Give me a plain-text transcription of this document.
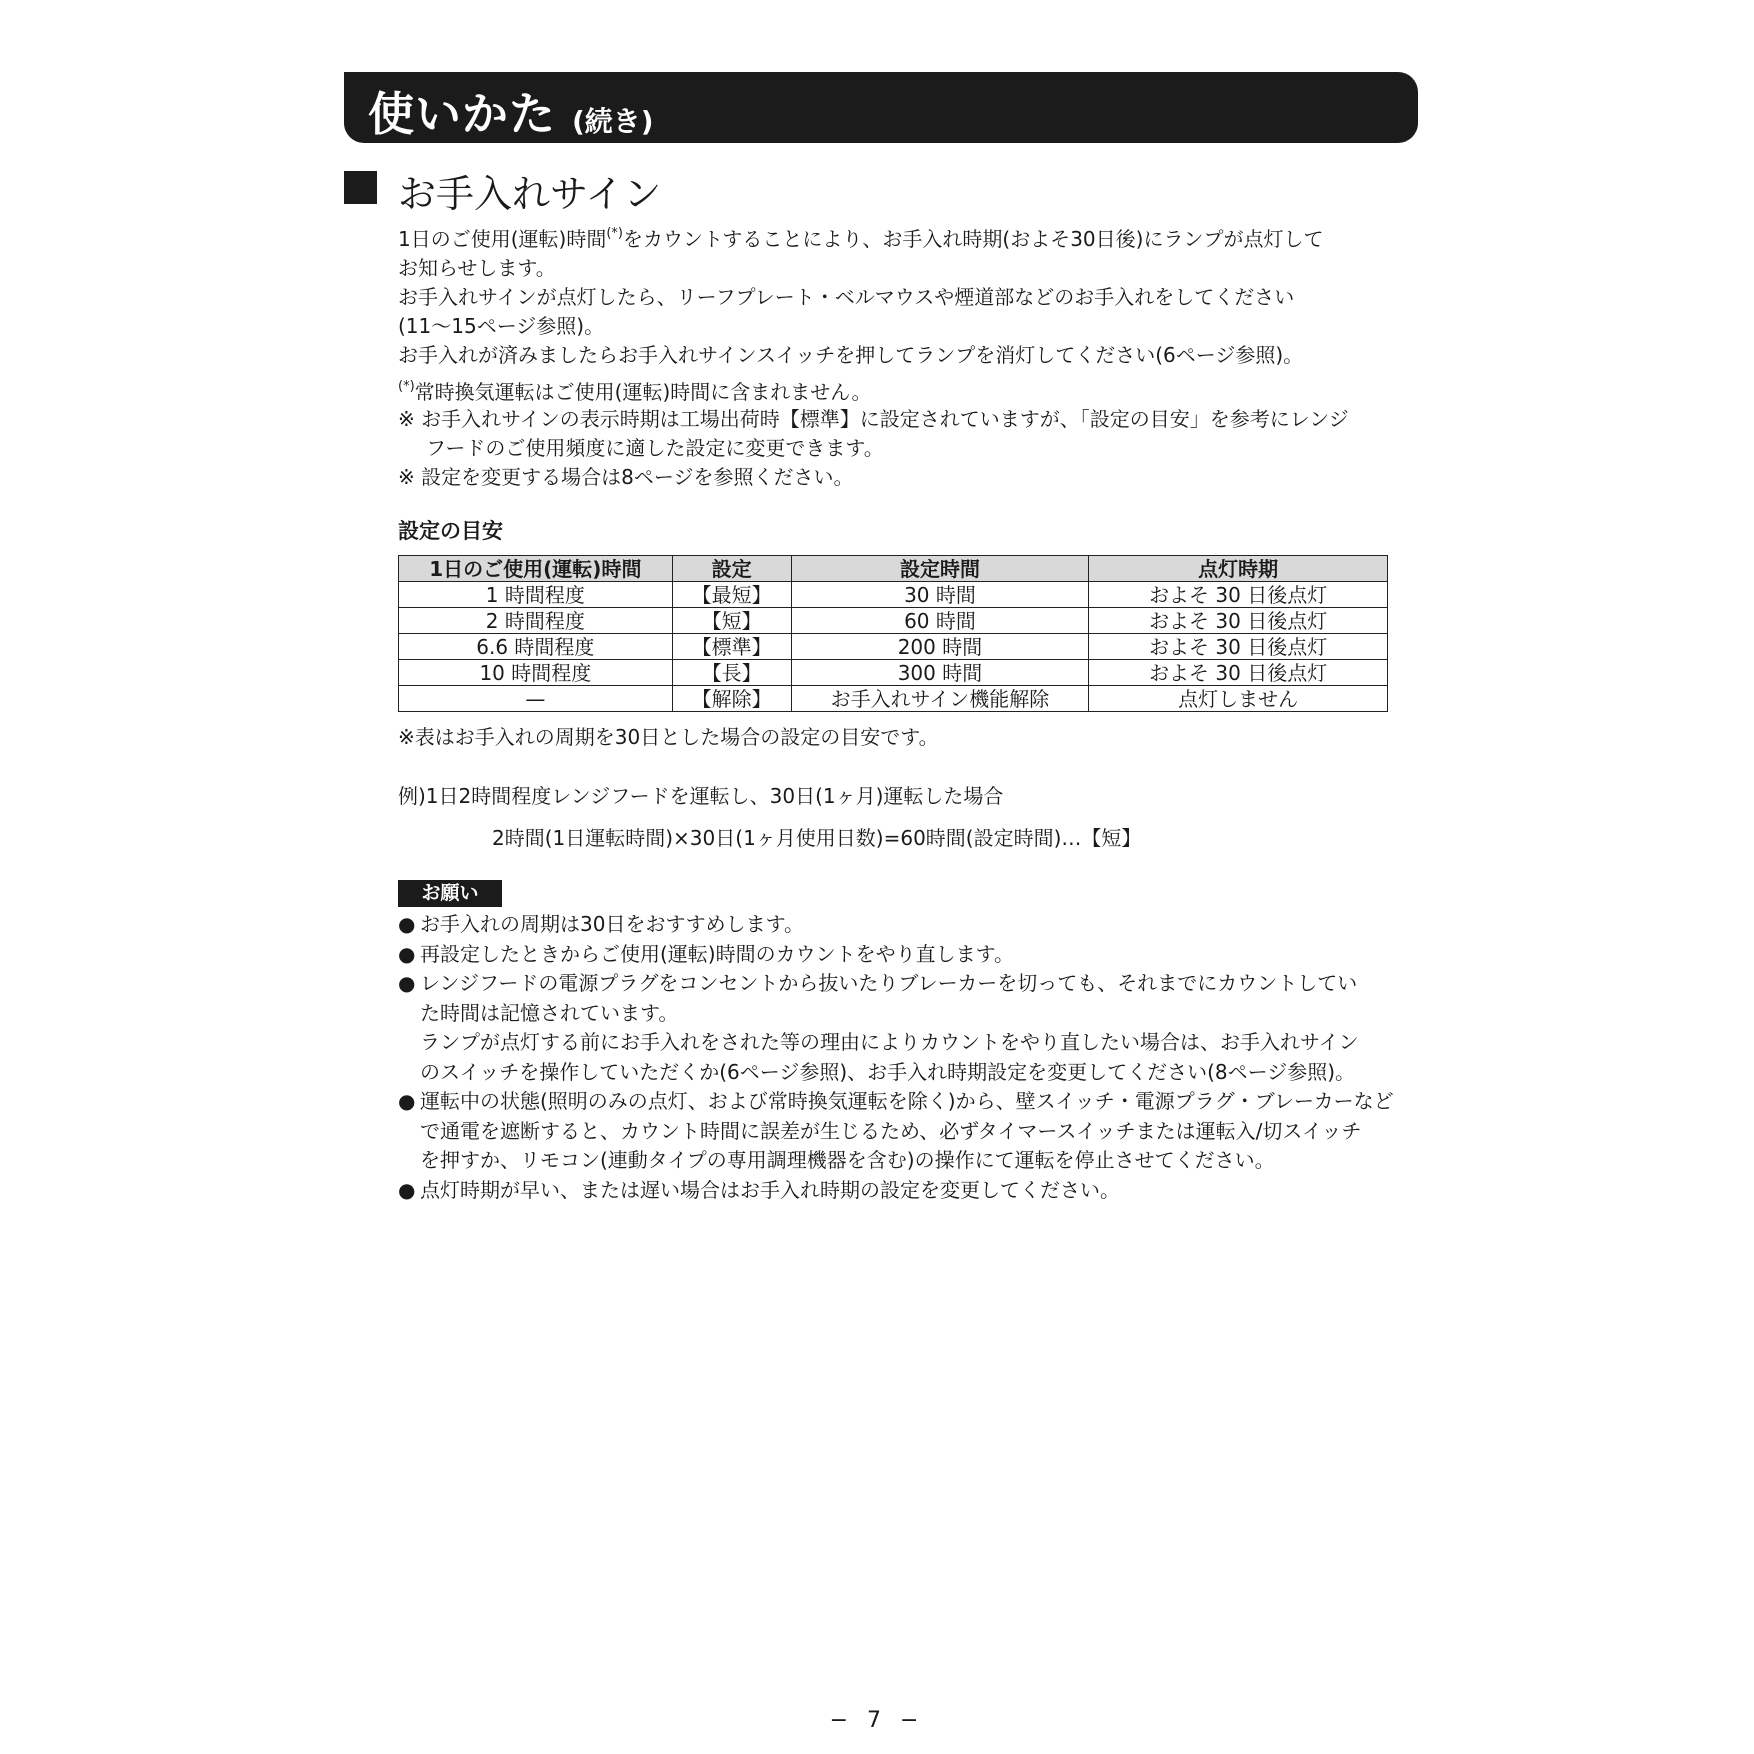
使いかた (続き)
お手入れサイン
1日のご使用(運転)時間(*)をカウントすることにより、お手入れ時期(およそ30日後)にランプが点灯して
お知らせします。
お手入れサインが点灯したら、リーフプレート・ベルマウスや煙道部などのお手入れをしてください
(11〜15ページ参照)。
お手入れが済みましたらお手入れサインスイッチを押してランプを消灯してください(6ページ参照)。
(*)常時換気運転はご使用(運転)時間に含まれません。
※ お手入れサインの表示時期は工場出荷時【標準】に設定されていますが、「設定の目安」を参考にレンジ
フードのご使用頻度に適した設定に変更できます。
※ 設定を変更する場合は8ページを参照ください。
設定の目安
1日のご使用(運転)時間	設定	設定時間	点灯時期
1 時間程度	【最短】	30 時間	およそ 30 日後点灯
2 時間程度	【短】	60 時間	およそ 30 日後点灯
6.6 時間程度	【標準】	200 時間	およそ 30 日後点灯
10 時間程度	【長】	300 時間	およそ 30 日後点灯
—	【解除】	お手入れサイン機能解除	点灯しません
※表はお手入れの周期を30日とした場合の設定の目安です。
例)1日2時間程度レンジフードを運転し、30日(1ヶ月)運転した場合
2時間(1日運転時間)×30日(1ヶ月使用日数)=60時間(設定時間)…【短】
お願い
● お手入れの周期は30日をおすすめします。
● 再設定したときからご使用(運転)時間のカウントをやり直します。
● レンジフードの電源プラグをコンセントから抜いたりブレーカーを切っても、それまでにカウントしてい
た時間は記憶されています。
ランプが点灯する前にお手入れをされた等の理由によりカウントをやり直したい場合は、お手入れサイン
のスイッチを操作していただくか(6ページ参照)、お手入れ時期設定を変更してください(8ページ参照)。
● 運転中の状態(照明のみの点灯、および常時換気運転を除く)から、壁スイッチ・電源プラグ・ブレーカーなど
で通電を遮断すると、カウント時間に誤差が生じるため、必ずタイマースイッチまたは運転入/切スイッチ
を押すか、リモコン(連動タイプの専用調理機器を含む)の操作にて運転を停止させてください。
● 点灯時期が早い、または遅い場合はお手入れ時期の設定を変更してください。
− 7 −
